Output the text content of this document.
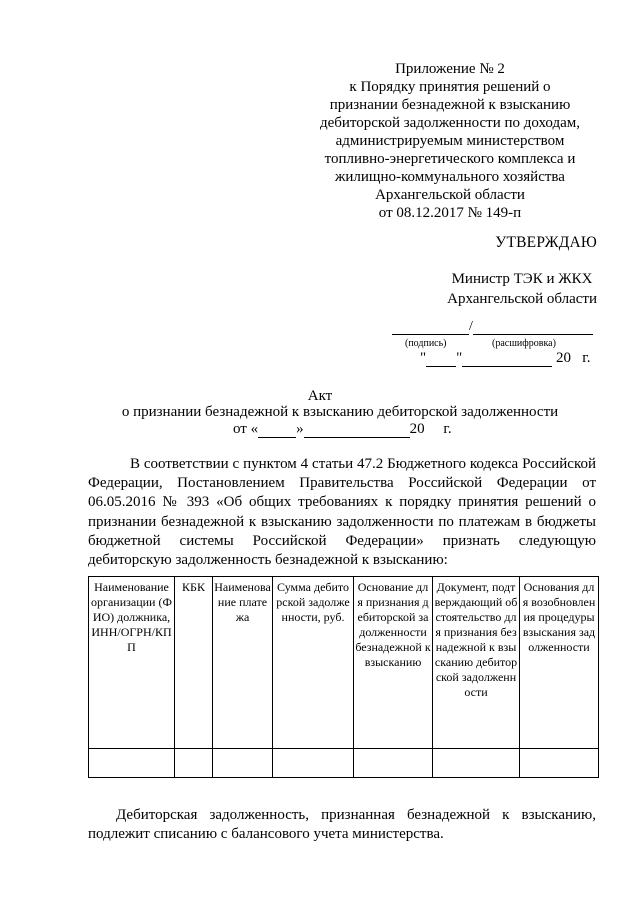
Приложение № 2
к Порядку принятия решений о
признании безнадежной к взысканию
дебиторской задолженности по доходам,
администрируемым министерством
топливно-энергетического комплекса и
жилищно-коммунального хозяйства
Архангельской области
от 08.12.2017 № 149-п
УТВЕРЖДАЮ
Министр ТЭК и ЖКХ
Архангельской области
/
(подпись)	(расшифровка)
" "	20 г.
Акт
о признании безнадежной к взысканию дебиторской задолженности
от «	»	20 г.
В соответствии с пунктом 4 статьи 47.2 Бюджетного кодекса Российской Федерации, Постановлением Правительства Российской Федерации от 06.05.2016 № 393 «Об общих требованиях к порядку принятия решений о признании безнадежной к взысканию задолженности по платежам в бюджеты бюджетной системы Российской Федерации» признать следующую дебиторскую задолженность безнадежной к взысканию:
Наименование организации (ФИО) должника, ИНН/ОГРН/КПП	КБК	Наименование платежа	Сумма дебиторской задолженности, руб.	Основание для признания дебиторской задолженности безнадежной к взысканию	Документ, подтверждающий обстоятельство для признания безнадежной к взысканию дебиторской задолженности	Основания для возобновления процедуры взыскания задолженности

Дебиторская задолженность, признанная безнадежной к взысканию, подлежит списанию с балансового учета министерства.
